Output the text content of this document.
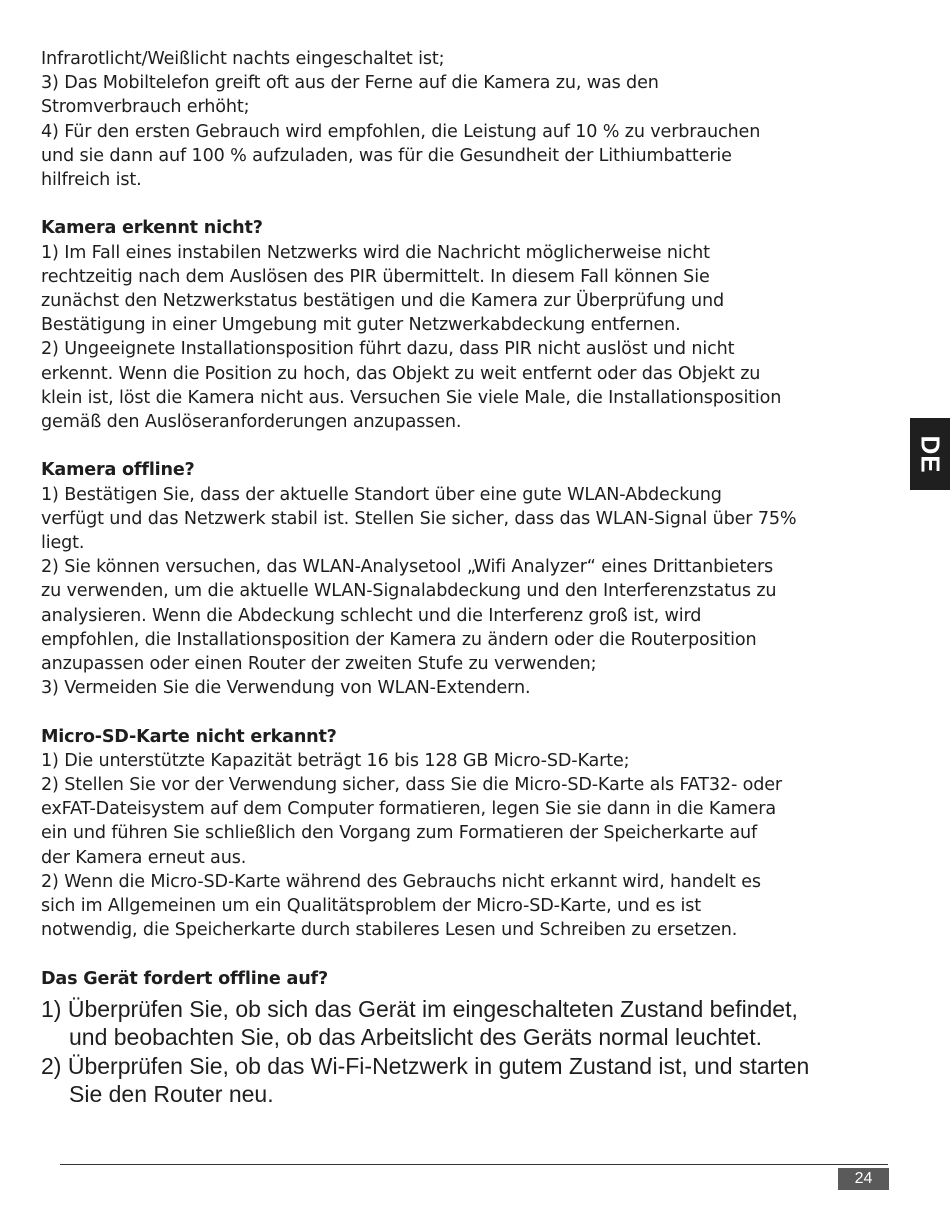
Infrarotlicht/Weißlicht nachts eingeschaltet ist;

3) Das Mobiltelefon greift oft aus der Ferne auf die Kamera zu, was den

Stromverbrauch erhöht;

4) Für den ersten Gebrauch wird empfohlen, die Leistung auf 10 % zu verbrauchen

und sie dann auf 100 % aufzuladen, was für die Gesundheit der Lithiumbatterie

hilfreich ist.

Kamera erkennt nicht?

1) Im Fall eines instabilen Netzwerks wird die Nachricht möglicherweise nicht

rechtzeitig nach dem Auslösen des PIR übermittelt. In diesem Fall können Sie

zunächst den Netzwerkstatus bestätigen und die Kamera zur Überprüfung und

Bestätigung in einer Umgebung mit guter Netzwerkabdeckung entfernen.

2) Ungeeignete Installationsposition führt dazu, dass PIR nicht auslöst und nicht

erkennt. Wenn die Position zu hoch, das Objekt zu weit entfernt oder das Objekt zu

klein ist, löst die Kamera nicht aus. Versuchen Sie viele Male, die Installationsposition

gemäß den Auslöseranforderungen anzupassen.

Kamera offline?

1) Bestätigen Sie, dass der aktuelle Standort über eine gute WLAN-Abdeckung

verfügt und das Netzwerk stabil ist. Stellen Sie sicher, dass das WLAN-Signal über 75%

liegt.

2) Sie können versuchen, das WLAN-Analysetool „Wifi Analyzer“ eines Drittanbieters

zu verwenden, um die aktuelle WLAN-Signalabdeckung und den Interferenzstatus zu

analysieren. Wenn die Abdeckung schlecht und die Interferenz groß ist, wird

empfohlen, die Installationsposition der Kamera zu ändern oder die Routerposition

anzupassen oder einen Router der zweiten Stufe zu verwenden;

3) Vermeiden Sie die Verwendung von WLAN-Extendern.

Micro-SD-Karte nicht erkannt?

1) Die unterstützte Kapazität beträgt 16 bis 128 GB Micro-SD-Karte;

2) Stellen Sie vor der Verwendung sicher, dass Sie die Micro-SD-Karte als FAT32- oder

exFAT-Dateisystem auf dem Computer formatieren, legen Sie sie dann in die Kamera

ein und führen Sie schließlich den Vorgang zum Formatieren der Speicherkarte auf

der Kamera erneut aus.

2) Wenn die Micro-SD-Karte während des Gebrauchs nicht erkannt wird, handelt es

sich im Allgemeinen um ein Qualitätsproblem der Micro-SD-Karte, und es ist

notwendig, die Speicherkarte durch stabileres Lesen und Schreiben zu ersetzen.

Das Gerät fordert offline auf?

1) Überprüfen Sie, ob sich das Gerät im eingeschalteten Zustand befindet,

und beobachten Sie, ob das Arbeitslicht des Geräts normal leuchtet.

2) Überprüfen Sie, ob das Wi-Fi-Netzwerk in gutem Zustand ist, und starten

Sie den Router neu.

DE
24
